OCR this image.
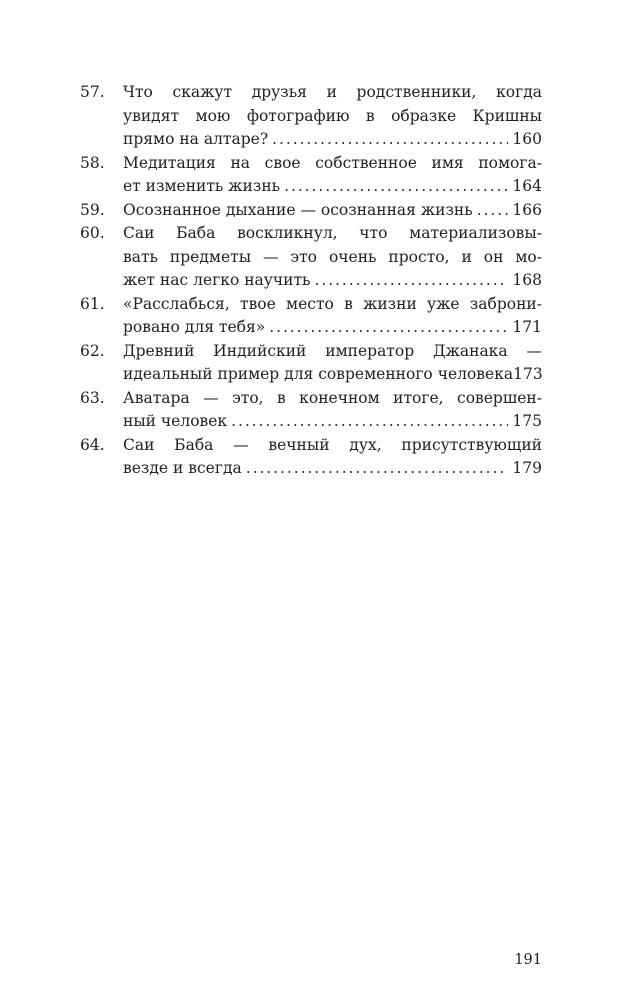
57.	Что скажут друзья и родственники, когда
увидят мою фотографию в образке Кришны
прямо на алтаре? . . .	160
58.	Медитация на свое собственное имя помога-
ет изменить жизнь . . .	164
59.	Осознанное дыхание — осознанная жизнь . . .	166
60.	Саи Баба воскликнул, что материализовы-
вать предметы — это очень просто, и он мо-
жет нас легко научить . . .	168
61.	«Расслабься, твое место в жизни уже заброни-
ровано для тебя» . . .	171
62.	Древний Индийский император Джанака —
идеальный пример для современного человека 173
63.	Аватара — это, в конечном итоге, совершен-
ный человек . . .	175
64.	Саи Баба — вечный дух, присутствующий
везде и всегда . . .	179
191
